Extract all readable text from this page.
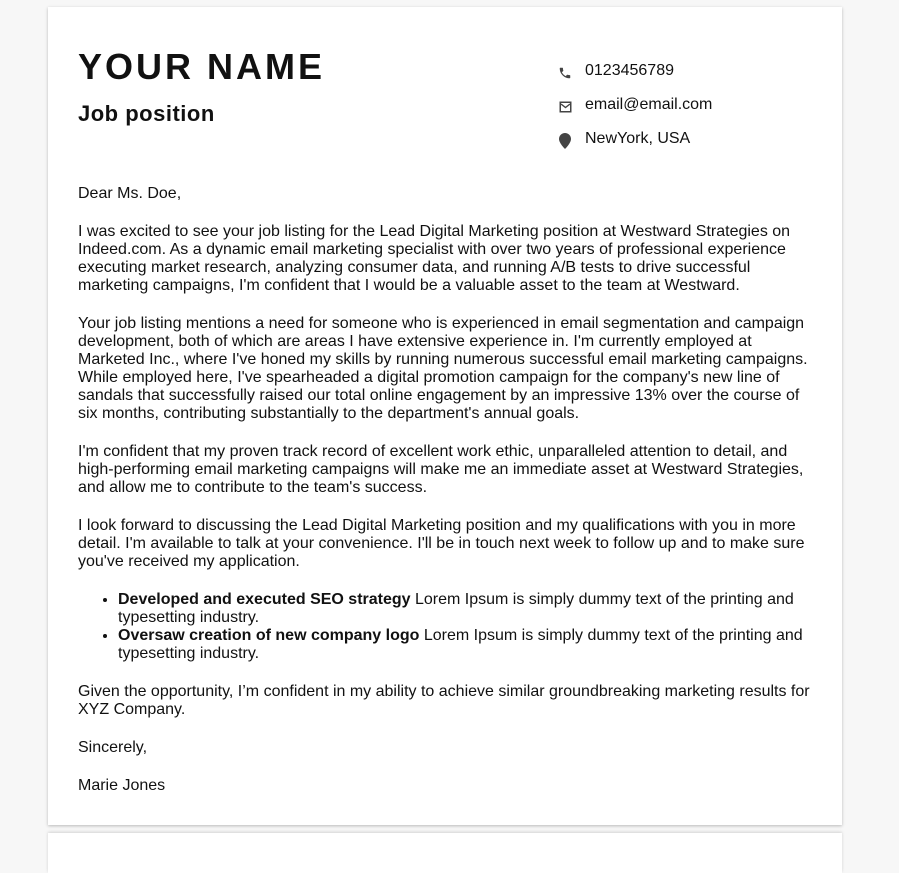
YOUR NAME
Job position
0123456789
email@email.com
NewYork, USA

Dear Ms. Doe,

I was excited to see your job listing for the Lead Digital Marketing position at Westward Strategies on Indeed.com. As a dynamic email marketing specialist with over two years of professional experience executing market research, analyzing consumer data, and running A/B tests to drive successful marketing campaigns, I'm confident that I would be a valuable asset to the team at Westward.

Your job listing mentions a need for someone who is experienced in email segmentation and campaign development, both of which are areas I have extensive experience in. I'm currently employed at Marketed Inc., where I've honed my skills by running numerous successful email marketing campaigns. While employed here, I've spearheaded a digital promotion campaign for the company's new line of sandals that successfully raised our total online engagement by an impressive 13% over the course of six months, contributing substantially to the department's annual goals.

I'm confident that my proven track record of excellent work ethic, unparalleled attention to detail, and high-performing email marketing campaigns will make me an immediate asset at Westward Strategies, and allow me to contribute to the team's success.

I look forward to discussing the Lead Digital Marketing position and my qualifications with you in more detail. I'm available to talk at your convenience. I'll be in touch next week to follow up and to make sure you've received my application.

• Developed and executed SEO strategy Lorem Ipsum is simply dummy text of the printing and typesetting industry.
• Oversaw creation of new company logo Lorem Ipsum is simply dummy text of the printing and typesetting industry.

Given the opportunity, I’m confident in my ability to achieve similar groundbreaking marketing results for XYZ Company.

Sincerely,

Marie Jones
